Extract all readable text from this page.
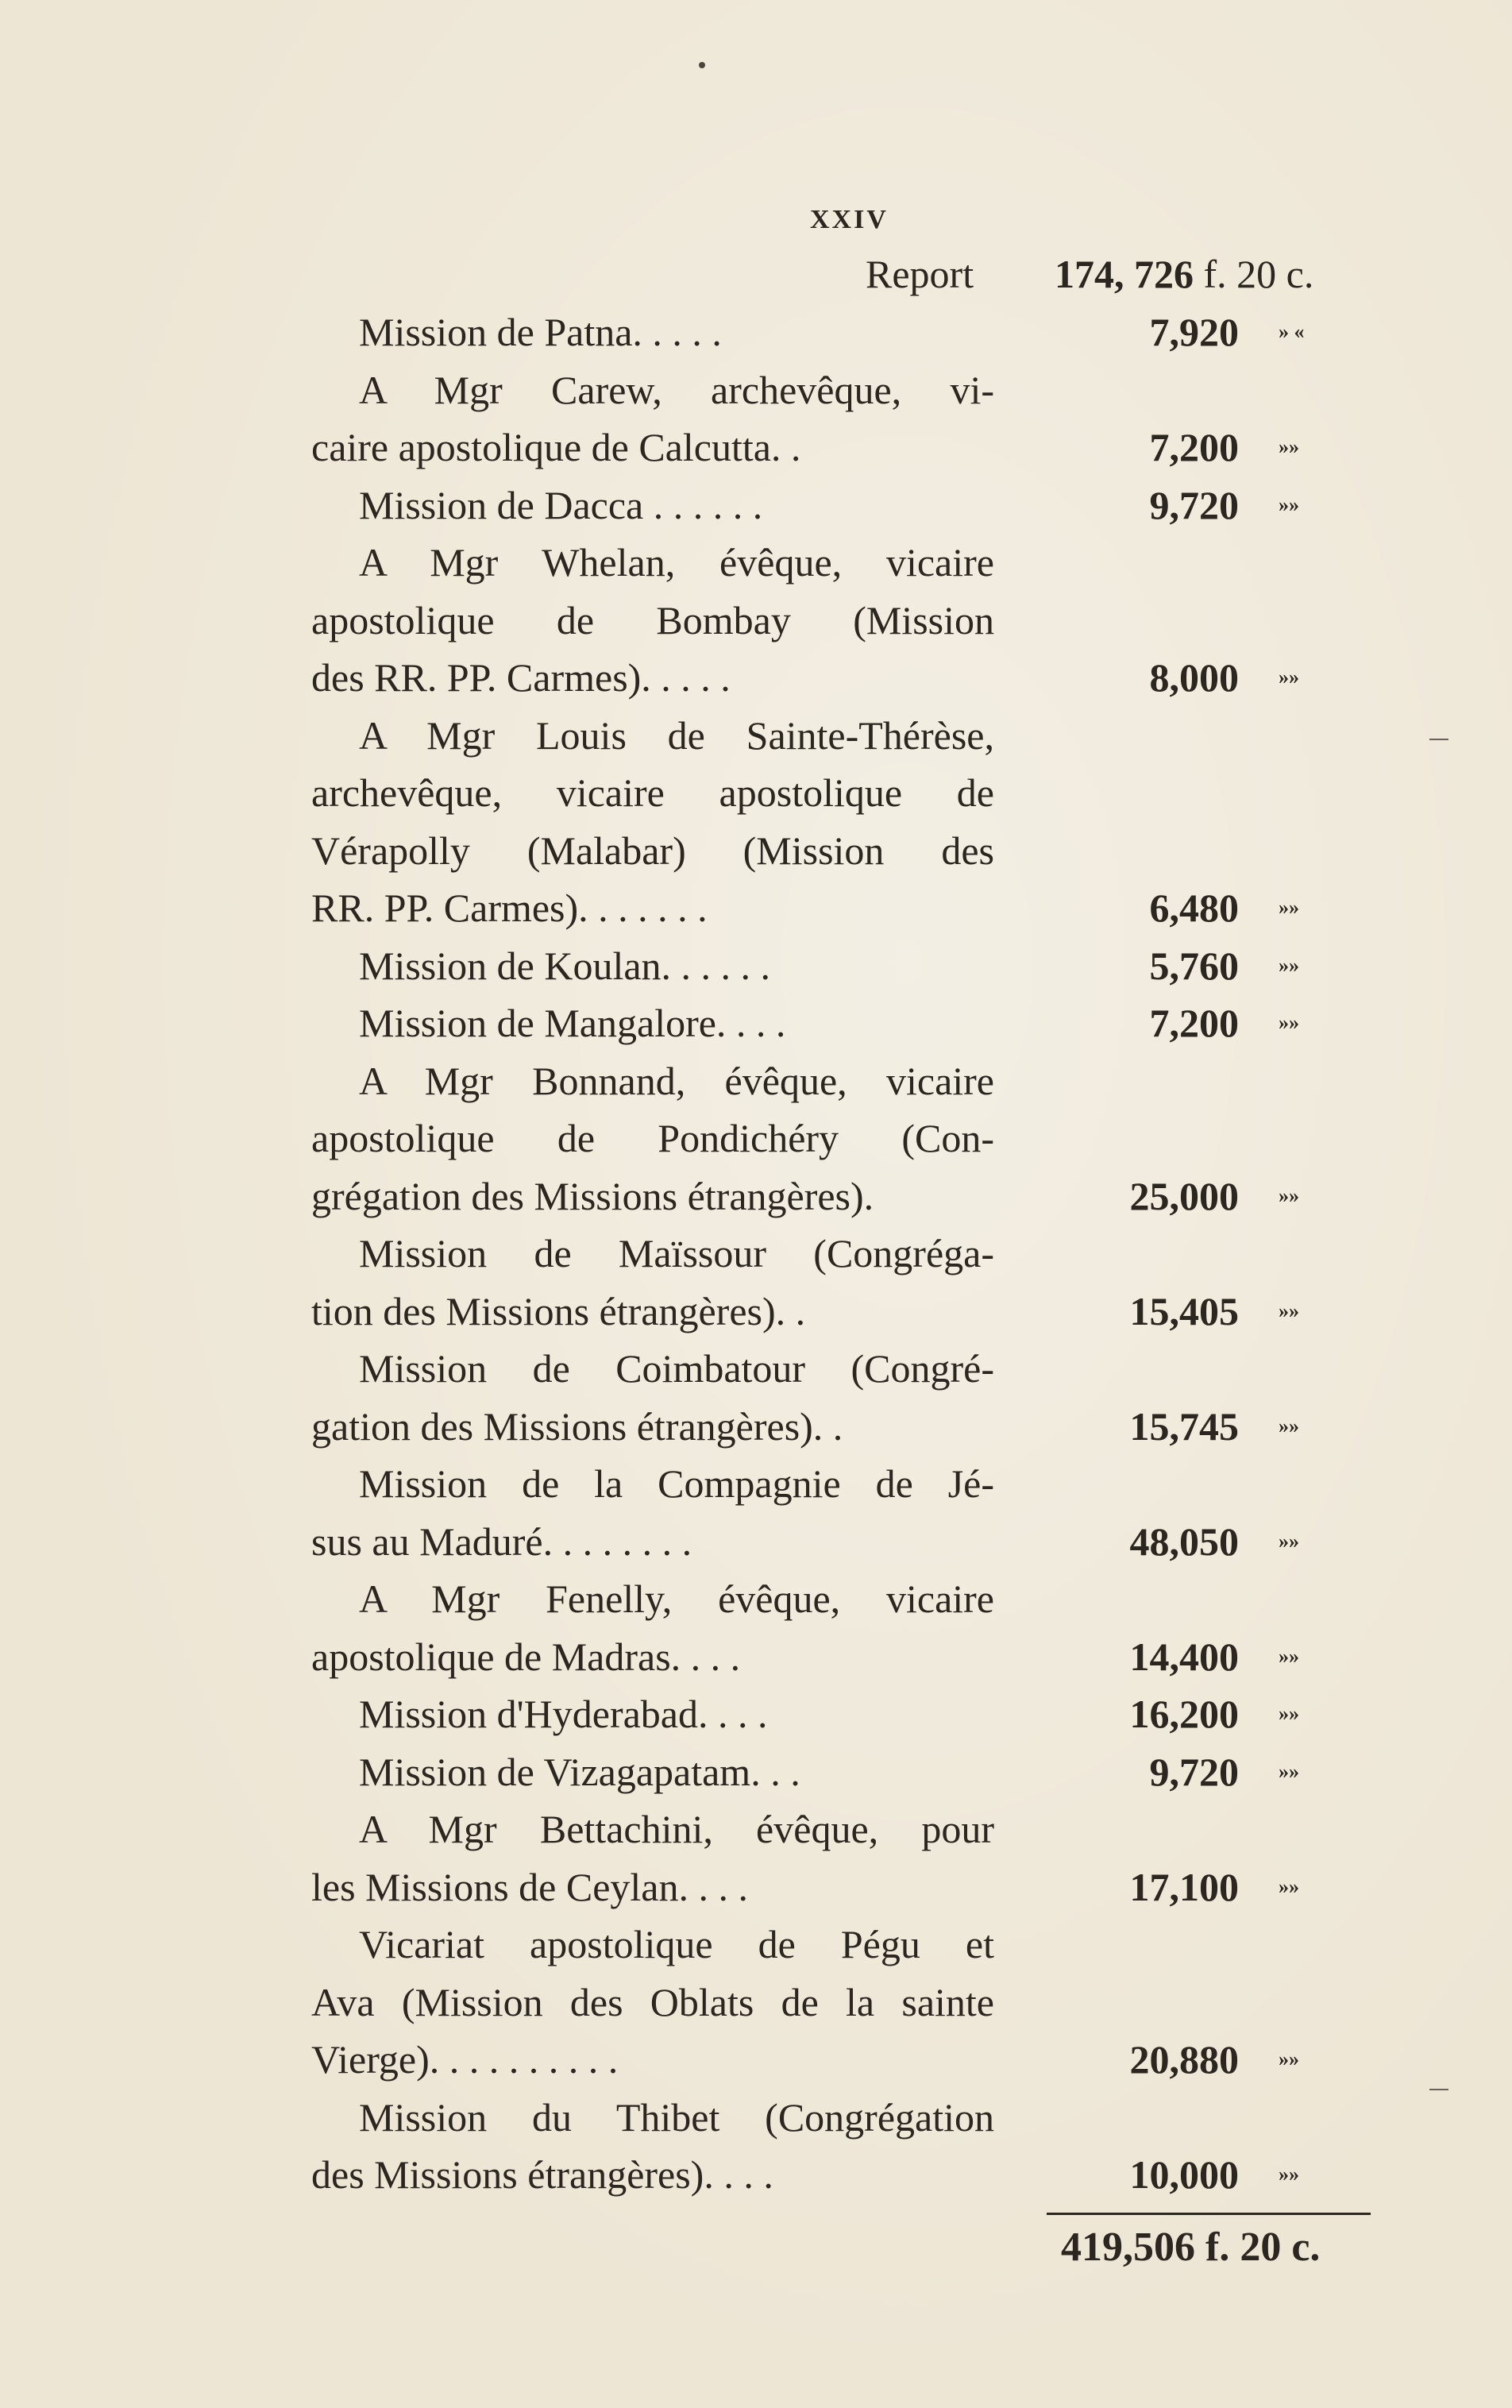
XXIV
Report 174, 726 f. 20 c.
Mission de Patna. . . . .	7,920 » «
A Mgr Carew, archevêque, vi-
caire apostolique de Calcutta. .	7,200 »»
Mission de Dacca . . . . . .	9,720 »»
A Mgr Whelan, évêque, vicaire
apostolique de Bombay (Mission
des RR. PP. Carmes). . . . .	8,000 »»
A Mgr Louis de Sainte-Thérèse,
archevêque, vicaire apostolique de
Vérapolly (Malabar) (Mission des
RR. PP. Carmes). . . . . . .	6,480 »»
Mission de Koulan. . . . . .	5,760 »»
Mission de Mangalore. . . .	7,200 »»
A Mgr Bonnand, évêque, vicaire
apostolique de Pondichéry (Con-
grégation des Missions étrangères).	25,000 »»
Mission de Maïssour (Congréga-
tion des Missions étrangères). .	15,405 »»
Mission de Coimbatour (Congré-
gation des Missions étrangères). .	15,745 »»
Mission de la Compagnie de Jé-
sus au Maduré. . . . . . . .	48,050 »»
A Mgr Fenelly, évêque, vicaire
apostolique de Madras. . . .	14,400 »»
Mission d'Hyderabad. . . .	16,200 »»
Mission de Vizagapatam. . .	9,720 »»
A Mgr Bettachini, évêque, pour
les Missions de Ceylan. . . .	17,100 »»
Vicariat apostolique de Pégu et
Ava (Mission des Oblats de la sainte
Vierge). . . . . . . . . .	20,880 »»
Mission du Thibet (Congrégation
des Missions étrangères). . . .	10,000 »»
419,506 f. 20 c.
